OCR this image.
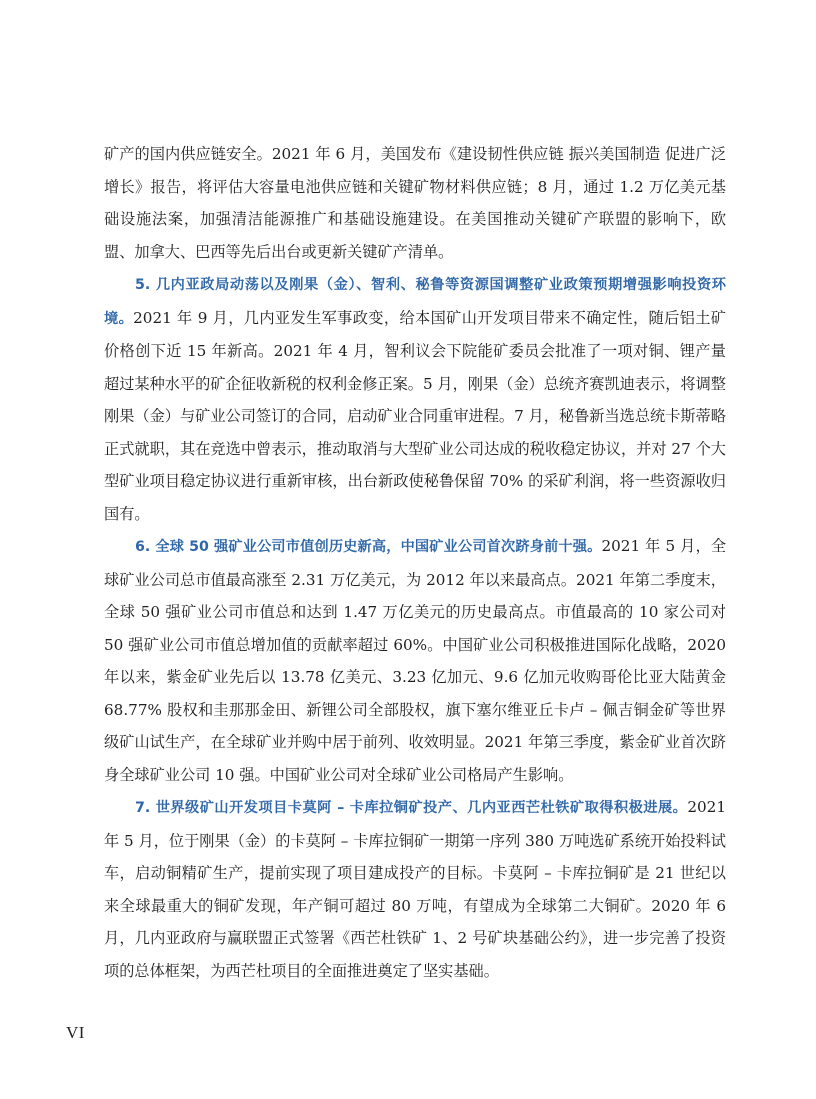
矿产的国内供应链安全。2021 年 6 月，美国发布《建设韧性供应链 振兴美国制造 促进广泛增长》报告，将评估大容量电池供应链和关键矿物材料供应链；8 月，通过 1.2 万亿美元基础设施法案，加强清洁能源推广和基础设施建设。在美国推动关键矿产联盟的影响下，欧盟、加拿大、巴西等先后出台或更新关键矿产清单。

5. 几内亚政局动荡以及刚果（金）、智利、秘鲁等资源国调整矿业政策预期增强影响投资环境。2021 年 9 月，几内亚发生军事政变，给本国矿山开发项目带来不确定性，随后铝土矿价格创下近 15 年新高。2021 年 4 月，智利议会下院能矿委员会批准了一项对铜、锂产量超过某种水平的矿企征收新税的权利金修正案。5 月，刚果（金）总统齐赛凯迪表示，将调整刚果（金）与矿业公司签订的合同，启动矿业合同重审进程。7 月，秘鲁新当选总统卡斯蒂略正式就职，其在竞选中曾表示，推动取消与大型矿业公司达成的税收稳定协议，并对 27 个大型矿业项目稳定协议进行重新审核，出台新政使秘鲁保留 70% 的采矿利润，将一些资源收归国有。

6. 全球 50 强矿业公司市值创历史新高，中国矿业公司首次跻身前十强。2021 年 5 月，全球矿业公司总市值最高涨至 2.31 万亿美元，为 2012 年以来最高点。2021 年第二季度末，全球 50 强矿业公司市值总和达到 1.47 万亿美元的历史最高点。市值最高的 10 家公司对 50 强矿业公司市值总增加值的贡献率超过 60%。中国矿业公司积极推进国际化战略，2020 年以来，紫金矿业先后以 13.78 亿美元、3.23 亿加元、9.6 亿加元收购哥伦比亚大陆黄金 68.77% 股权和圭那那金田、新锂公司全部股权，旗下塞尔维亚丘卡卢 – 佩吉铜金矿等世界级矿山试生产，在全球矿业并购中居于前列、收效明显。2021 年第三季度，紫金矿业首次跻身全球矿业公司 10 强。中国矿业公司对全球矿业公司格局产生影响。

7. 世界级矿山开发项目卡莫阿 – 卡库拉铜矿投产、几内亚西芒杜铁矿取得积极进展。2021 年 5 月，位于刚果（金）的卡莫阿 – 卡库拉铜矿一期第一序列 380 万吨选矿系统开始投料试车，启动铜精矿生产，提前实现了项目建成投产的目标。卡莫阿 – 卡库拉铜矿是 21 世纪以来全球最重大的铜矿发现，年产铜可超过 80 万吨，有望成为全球第二大铜矿。2020 年 6 月，几内亚政府与赢联盟正式签署《西芒杜铁矿 1、2 号矿块基础公约》，进一步完善了投资项的总体框架，为西芒杜项目的全面推进奠定了坚实基础。

VI
